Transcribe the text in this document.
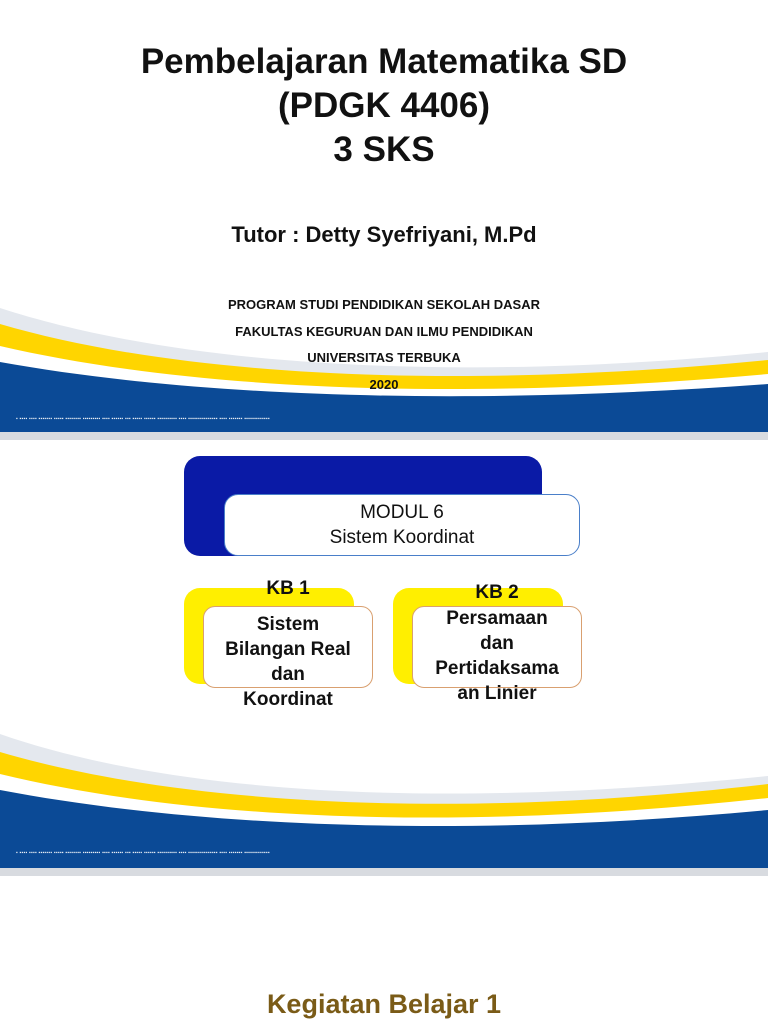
Pembelajaran Matematika SD
(PDGK 4406)
3 SKS
Tutor : Detty Syefriyani, M.Pd
▪ ▪▪▪▪ ▪▪▪▪ ▪▪▪▪▪▪▪ ▪▪▪▪▪ ▪▪▪▪▪▪▪▪ ▪▪▪▪▪▪▪▪▪ ▪▪▪▪ ▪▪▪▪▪▪ ▪▪▪ ▪▪▪▪▪ ▪▪▪▪▪▪ ▪▪▪▪▪▪▪▪▪▪ ▪▪▪▪ ▪▪▪▪▪▪▪▪▪▪▪▪▪▪▪ ▪▪▪▪ ▪▪▪▪▪▪▪ ▪▪▪▪▪▪▪▪▪▪▪▪▪
PROGRAM STUDI PENDIDIKAN SEKOLAH DASAR
FAKULTAS KEGURUAN DAN ILMU PENDIDIKAN
UNIVERSITAS TERBUKA
2020
MODUL 6
Sistem Koordinat
KB 1
Sistem
Bilangan Real
dan
Koordinat
KB 2
Persamaan
dan
Pertidaksama
an Linier
▪ ▪▪▪▪ ▪▪▪▪ ▪▪▪▪▪▪▪ ▪▪▪▪▪ ▪▪▪▪▪▪▪▪ ▪▪▪▪▪▪▪▪▪ ▪▪▪▪ ▪▪▪▪▪▪ ▪▪▪ ▪▪▪▪▪ ▪▪▪▪▪▪ ▪▪▪▪▪▪▪▪▪▪ ▪▪▪▪ ▪▪▪▪▪▪▪▪▪▪▪▪▪▪▪ ▪▪▪▪ ▪▪▪▪▪▪▪ ▪▪▪▪▪▪▪▪▪▪▪▪▪
Kegiatan Belajar 1
